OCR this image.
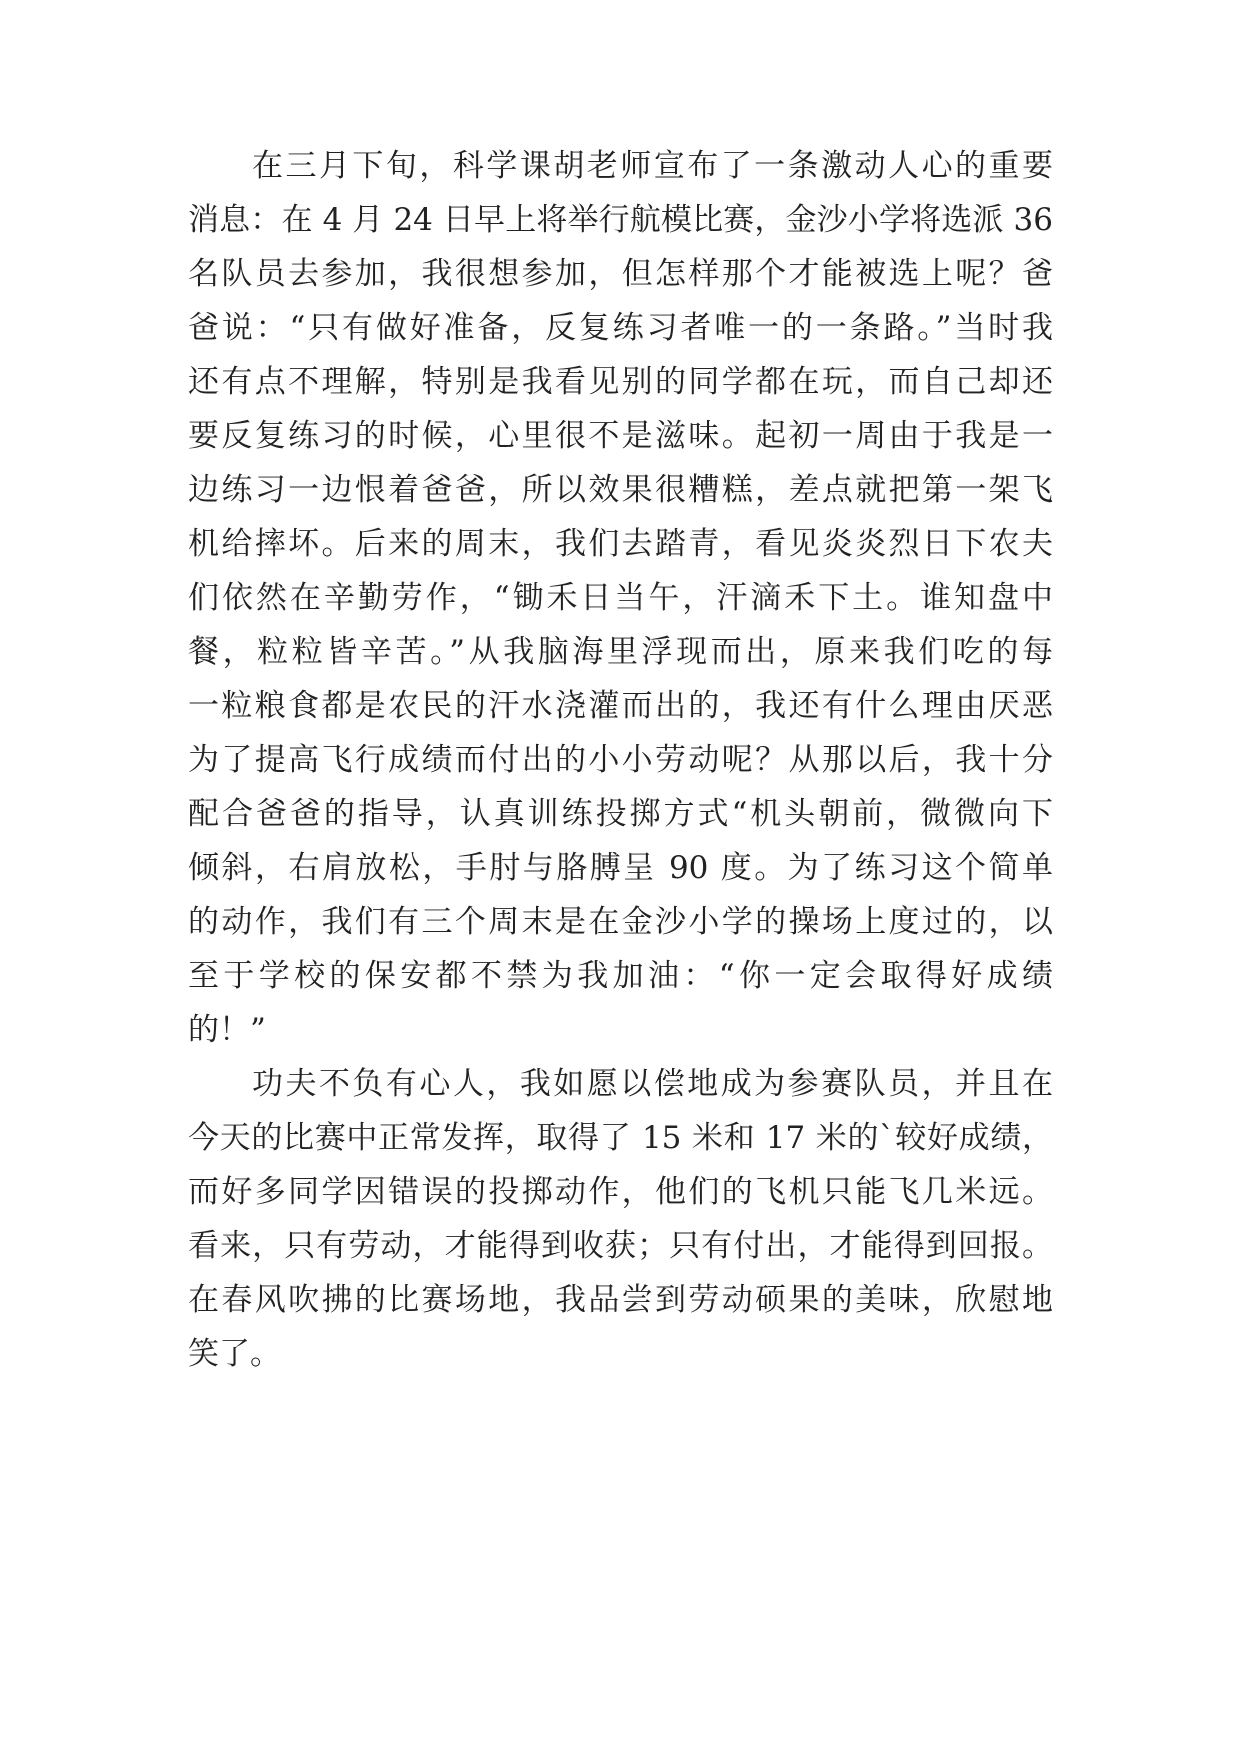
在三月下旬，科学课胡老师宣布了一条激动人心的重要
消息：在 4 月 24 日早上将举行航模比赛，金沙小学将选派 36
名队员去参加，我很想参加，但怎样那个才能被选上呢？爸
爸说：“只有做好准备，反复练习者唯一的一条路。”当时我
还有点不理解，特别是我看见别的同学都在玩，而自己却还
要反复练习的时候，心里很不是滋味。起初一周由于我是一
边练习一边恨着爸爸，所以效果很糟糕，差点就把第一架飞
机给摔坏。后来的周末，我们去踏青，看见炎炎烈日下农夫
们依然在辛勤劳作，“锄禾日当午，汗滴禾下土。谁知盘中
餐，粒粒皆辛苦。”从我脑海里浮现而出，原来我们吃的每
一粒粮食都是农民的汗水浇灌而出的，我还有什么理由厌恶
为了提高飞行成绩而付出的小小劳动呢？从那以后，我十分
配合爸爸的指导，认真训练投掷方式“机头朝前，微微向下
倾斜，右肩放松，手肘与胳膊呈 90 度。为了练习这个简单
的动作，我们有三个周末是在金沙小学的操场上度过的，以
至于学校的保安都不禁为我加油：“你一定会取得好成绩
的！”
功夫不负有心人，我如愿以偿地成为参赛队员，并且在
今天的比赛中正常发挥，取得了 15 米和 17 米的`较好成绩，
而好多同学因错误的投掷动作，他们的飞机只能飞几米远。
看来，只有劳动，才能得到收获；只有付出，才能得到回报。
在春风吹拂的比赛场地，我品尝到劳动硕果的美味，欣慰地
笑了。
